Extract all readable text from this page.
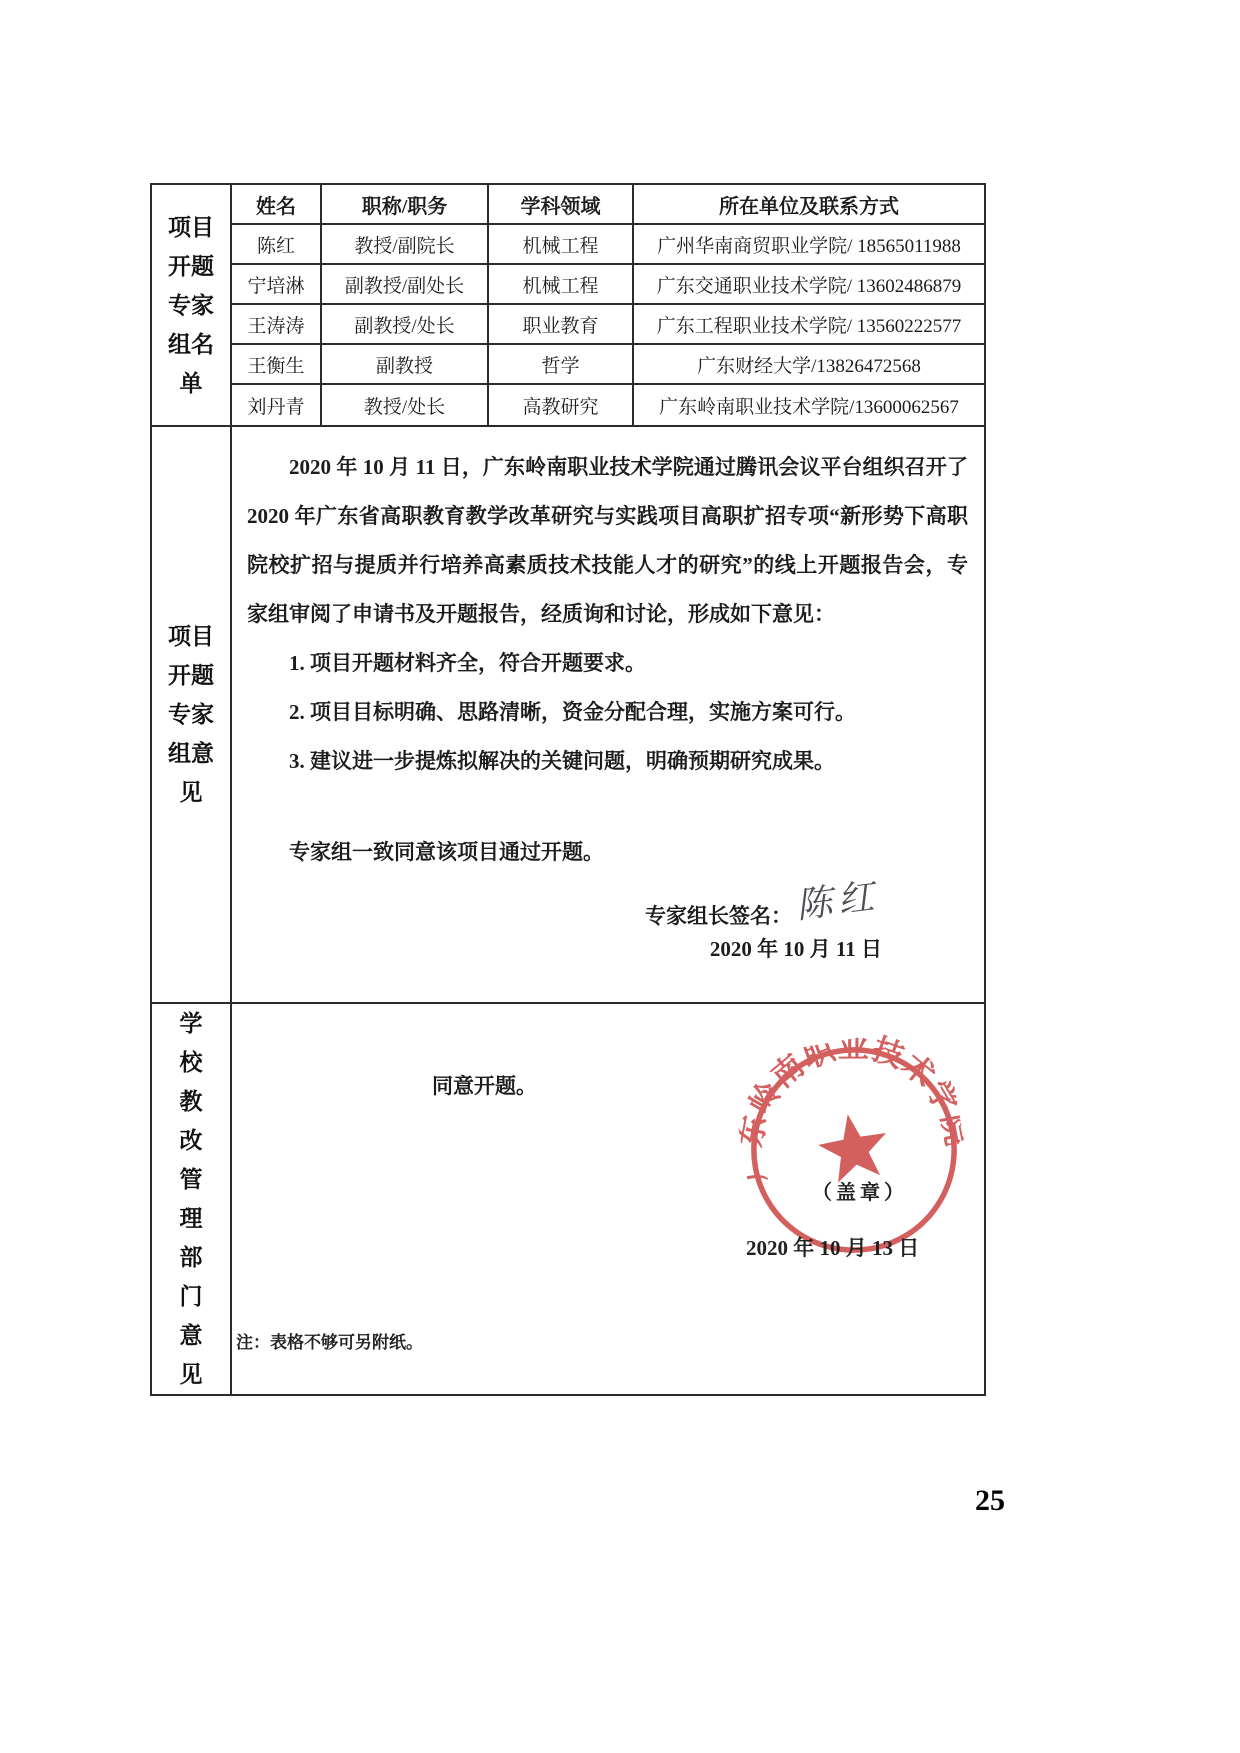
项目开题专家组名单
姓名	职称/职务	学科领域	所在单位及联系方式
陈红	教授/副院长	机械工程	广州华南商贸职业学院/ 18565011988
宁培淋	副教授/副处长	机械工程	广东交通职业技术学院/ 13602486879
王涛涛	副教授/处长	职业教育	广东工程职业技术学院/ 13560222577
王衡生	副教授	哲学	广东财经大学/13826472568
刘丹青	教授/处长	高教研究	广东岭南职业技术学院/13600062567
项目开题专家组意见

2020 年 10 月 11 日，广东岭南职业技术学院通过腾讯会议平台组织召开了 2020 年广东省高职教育教学改革研究与实践项目高职扩招专项“新形势下高职院校扩招与提质并行培养高素质技术技能人才的研究”的线上开题报告会，专家组审阅了申请书及开题报告，经质询和讨论，形成如下意见：

1. 项目开题材料齐全，符合开题要求。

2. 项目目标明确、思路清晰，资金分配合理，实施方案可行。

3. 建议进一步提炼拟解决的关键问题，明确预期研究成果。

专家组一致同意该项目通过开题。

专家组长签名：陈红
2020 年 10 月 11 日
学校教改管理部门意见
同意开题。
广东岭南职业技术学院
（盖章）
2020 年 10 月 13 日
注：表格不够可另附纸。
25
